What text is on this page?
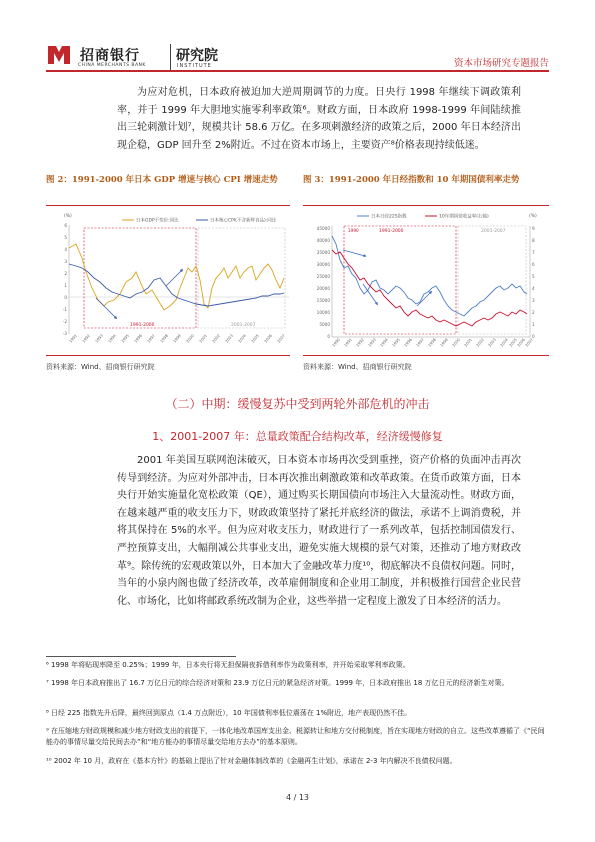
招商银行
CHINA MERCHANTS BANK
研究院
INSTITUTE	资本市场研究专题报告

为应对危机，日本政府被迫加大逆周期调节的力度。日央行 1998 年继续下调政策利率，并于 1999 年大胆地实施零利率政策⁶。财政方面，日本政府 1998-1999 年间陆续推出三轮刺激计划⁷，规模共计 58.6 万亿。在多项刺激经济的政策之后，2000 年日本经济出现企稳，GDP 回升至 2%附近。不过在资本市场上，主要资产⁸价格表现持续低迷。

图 2：1991-2000 年日本 GDP 增速与核心 CPI 增速走势
(%)
日本GDP不变价:同比	日本核心CPI(不含新鲜食品):同比
6
5
4
3
2
1
0
-1
-2
-3
1991-2000	2001-2007
1991 1992 1993 1994 1995 1996 1997 1998 1999 2000 2001 2002 2003 2004 2005 2006 2007
图 3：1991-2000 年日经指数和 10 年期国债利率走势
日本日经225指数	10年期国债收益率(右轴)	(%)
45000
40000
35000
30000
25000
20000
15000
10000
5000
0
9
8
7
6
5
4
3
2
1
0
1990	1991-2000	2001-2007
1990 1991 1992 1993 1994 1995 1996 1997 1998 1999 2000 2001 2002 2003 2004
2005
2006
2007
资料来源：Wind、招商银行研究院	资料来源：Wind、招商银行研究院
（二）中期：缓慢复苏中受到两轮外部危机的冲击
1、2001-2007 年：总量政策配合结构改革，经济缓慢修复

2001 年美国互联网泡沫破灭，日本资本市场再次受到重挫，资产价格的负面冲击再次传导到经济。为应对外部冲击，日本再次推出刺激政策和改革政策。在货币政策方面，日本央行开始实施量化宽松政策（QE），通过购买长期国债向市场注入大量流动性。财政方面，在越来越严重的收支压力下，财政政策坚持了紧托并底经济的做法，承诺不上调消费税，并将其保持在 5%的水平。但为应对收支压力，财政进行了一系列改革，包括控制国债发行、严控预算支出，大幅削减公共事业支出，避免实施大规模的景气对策，还推动了地方财政改革⁹。除传统的宏观政策以外，日本加大了金融改革力度¹⁰，彻底解决不良债权问题。同时，当年的小泉内阁也做了经济改革，改革雇佣制度和企业用工制度，并积极推行国营企业民营化、市场化，比如将邮政系统改制为企业，这些举措一定程度上激发了日本经济的活力。

⁶ 1998 年将贴现率降至 0.25%；1999 年，日本央行将无担保隔夜拆借利率作为政策利率，并开始采取零利率政策。
⁷ 1998 年日本政府推出了 16.7 万亿日元的综合经济对策和 23.9 万亿日元的紧急经济对策。1999 年，日本政府推出 18 万亿日元的经济新生对策。
⁸ 日经 225 指数先升后降，最终回到原点（1.4 万点附近），10 年国债利率低位震荡在 1%附近，地产表现仍然不佳。
⁹ 在压缩地方财政规模和减少地方财政支出的前提下，一体化地改革国库支出金、税源转让和地方交付税制度，旨在实现地方财政的自立。这些改革遵循了《“民间能办的事情尽量交给民间去办”和“地方能办的事情尽量交给地方去办”的基本原则。
¹⁰ 2002 年 10 月，政府在《基本方针》的基础上提出了针对金融体制改革的《金融再生计划》，承诺在 2-3 年内解决不良债权问题。
4 / 13
